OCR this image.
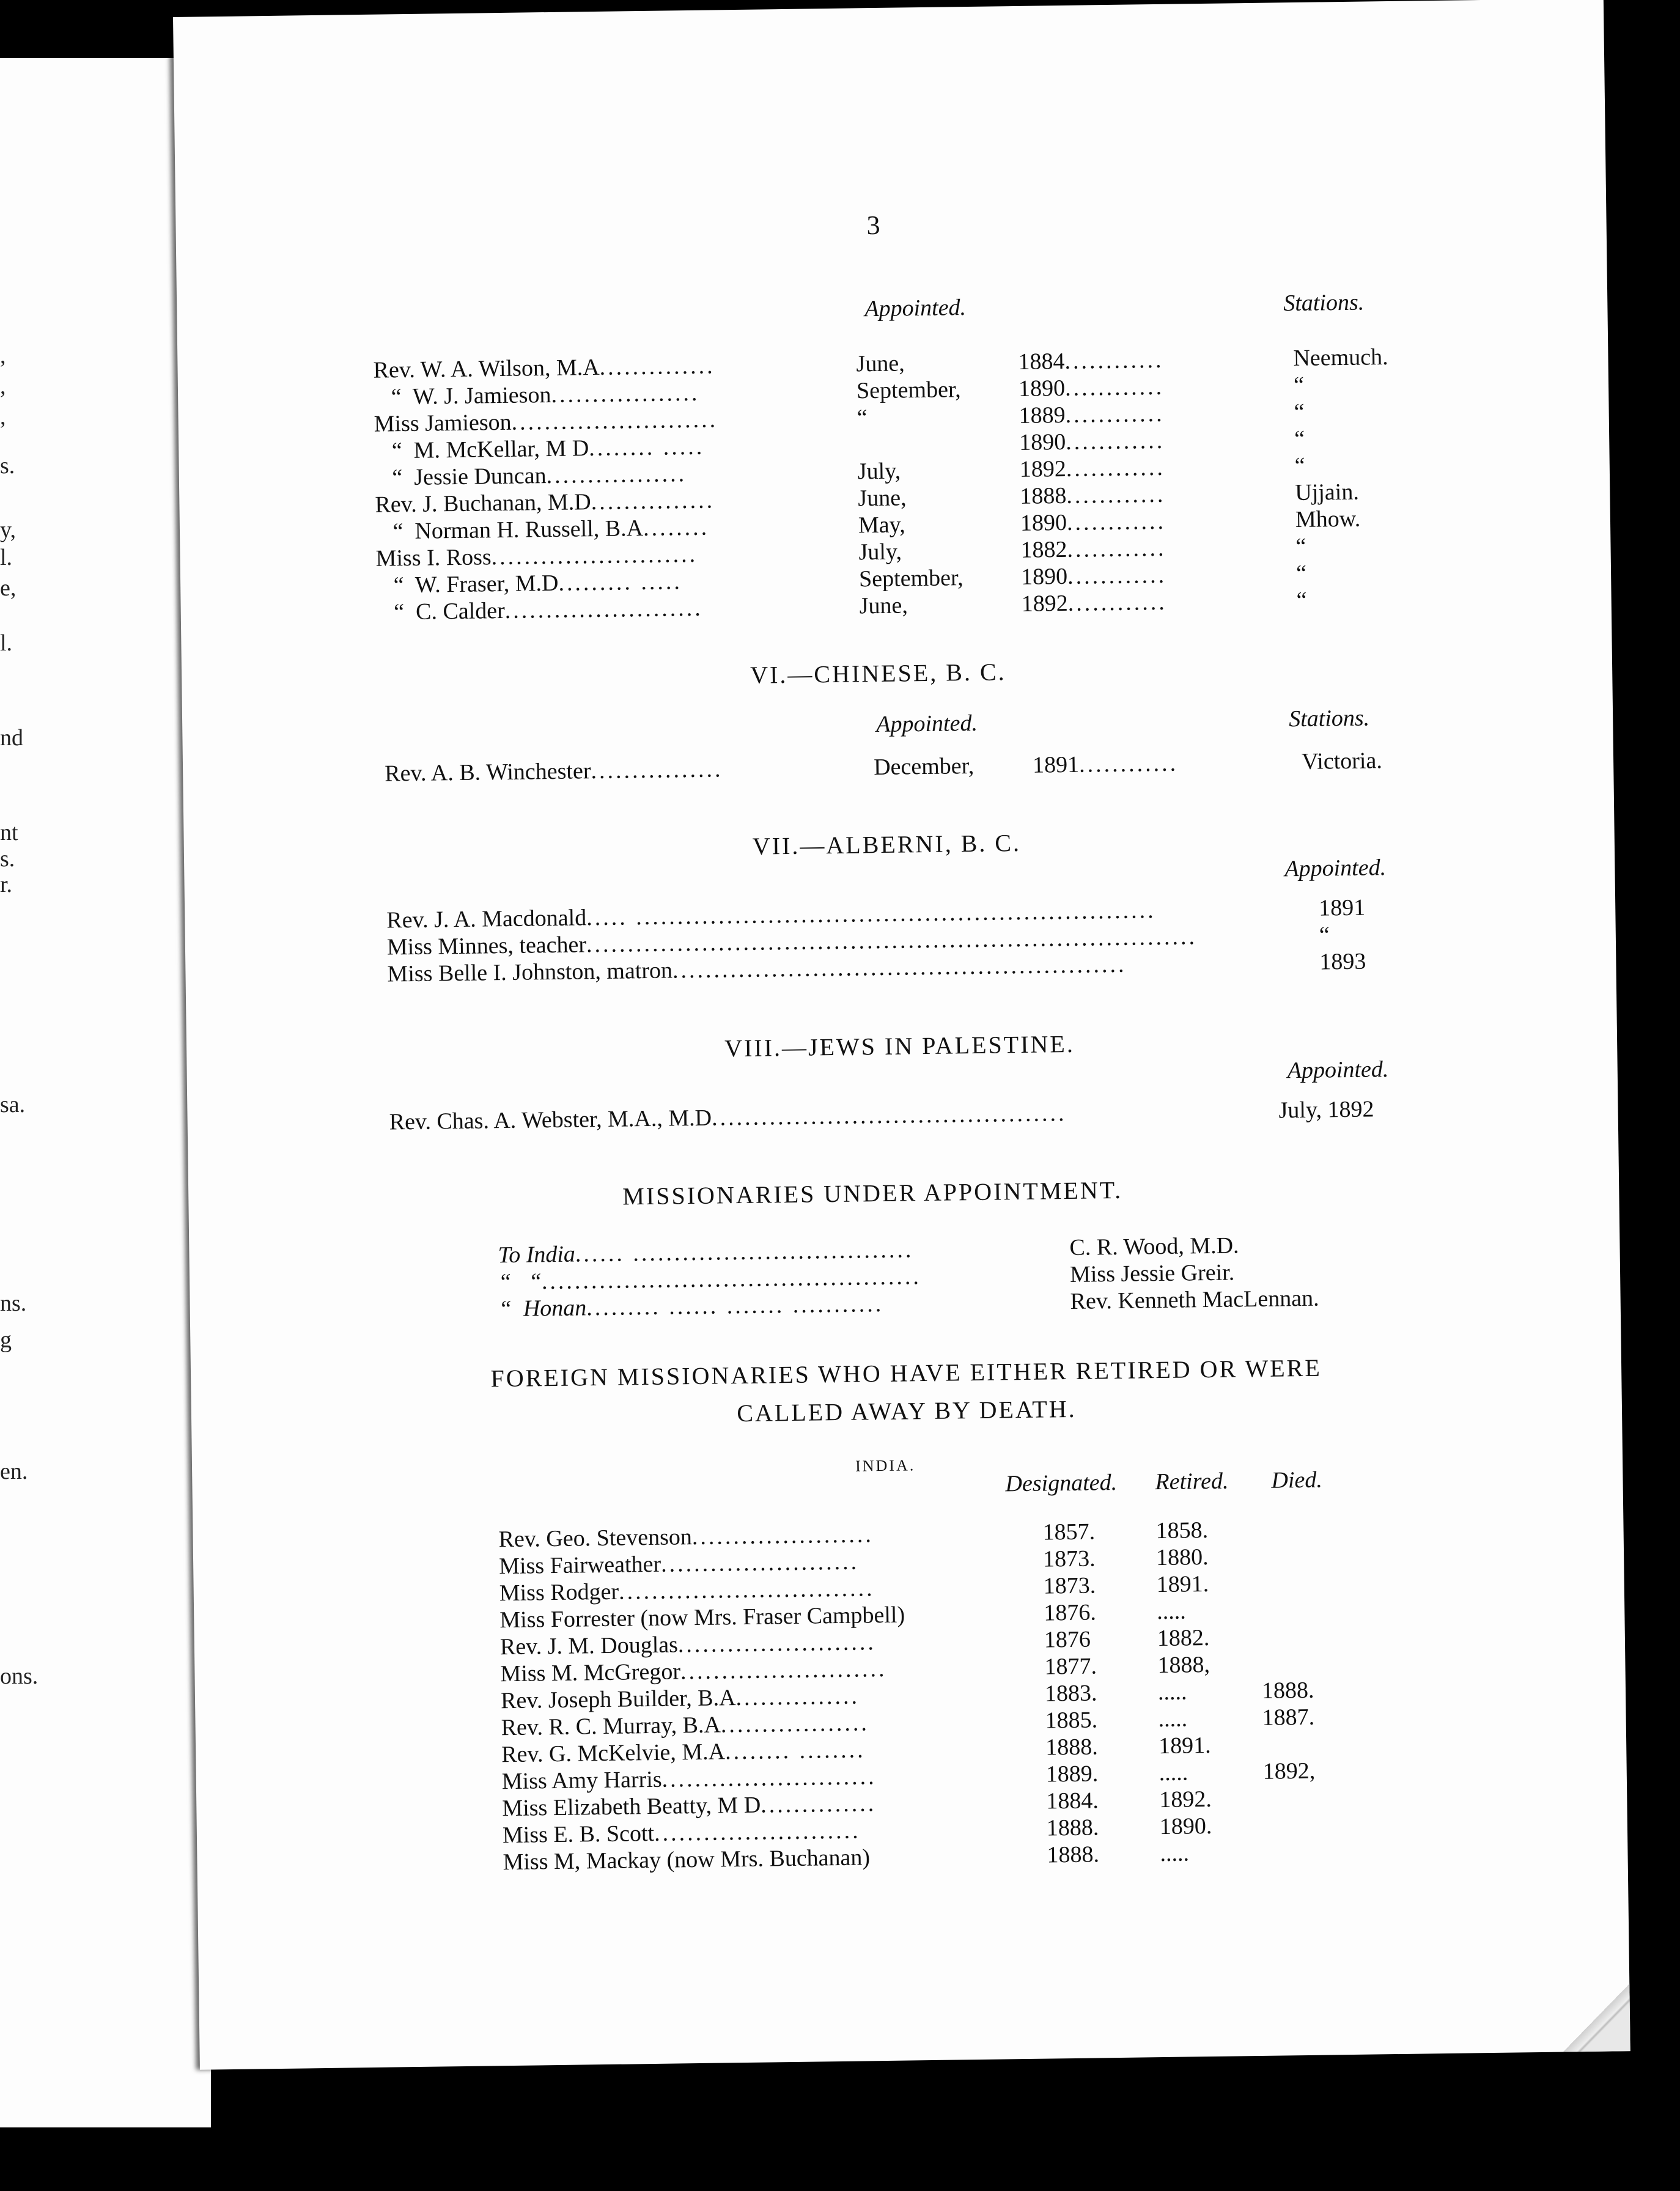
,
,
,
s.
y,
l.
e,
l.
nd
nt
s.
r.
sa.
ns.
g
en.
ons.
3
Appointed.	Stations.
Rev. W. A. Wilson, M.A..............	June,	1884............	Neemuch.
“  W. J. Jamieson..................	September, 1890............	“
Miss Jamieson.........................	“	1889............	“
“  M. McKellar, M D........ .....	1890............	“
“  Jessie Duncan.................	July,	1892............	“
Rev. J. Buchanan, M.D...............	June,	1888............	Ujjain.
“  Norman H. Russell, B.A........	May,	1890............	Mhow.
Miss I. Ross.........................	July,	1882............	“
“  W. Fraser, M.D......... .....	September, 1890............	“
“  C. Calder........................	June,	1892............	“
VI.—CHINESE, B. C.
Appointed.	Stations.
Rev. A. B. Winchester................	December,	1891............	Victoria.
VII.—ALBERNI, B. C.
Appointed.
Rev. J. A. Macdonald..... ...............................................................	1891
Miss Minnes, teacher..........................................................................	“
Miss Belle I. Johnston, matron.......................................................	1893
VIII.—JEWS IN PALESTINE.
Appointed.
Rev. Chas. A. Webster, M.A., M.D...........................................	July, 1892
MISSIONARIES UNDER APPOINTMENT.
To India...... ..................................	C. R. Wood, M.D.
“   “..............................................	Miss Jessie Greir.
“  Honan......... ...... ....... ...........	Rev. Kenneth MacLennan.
FOREIGN MISSIONARIES WHO HAVE EITHER RETIRED OR WERE
CALLED AWAY BY DEATH.
INDIA.
Designated. Retired. Died.
Rev. Geo. Stevenson......................	1857.	1858.
Miss Fairweather........................	1873.	1880.
Miss Rodger...............................	1873.	1891.
Miss Forrester (now Mrs. Fraser Campbell)	1876.	.....
Rev. J. M. Douglas........................	1876	1882.
Miss M. McGregor.........................	1877.	1888,
Rev. Joseph Builder, B.A...............	1883.	.....	1888.
Rev. R. C. Murray, B.A..................	1885.	.....	1887.
Rev. G. McKelvie, M.A........ ........	1888.	1891.
Miss Amy Harris..........................	1889.	.....	1892,
Miss Elizabeth Beatty, M D..............	1884.	1892.
Miss E. B. Scott.........................	1888.	1890.
Miss M, Mackay (now Mrs. Buchanan)	1888.	.....
